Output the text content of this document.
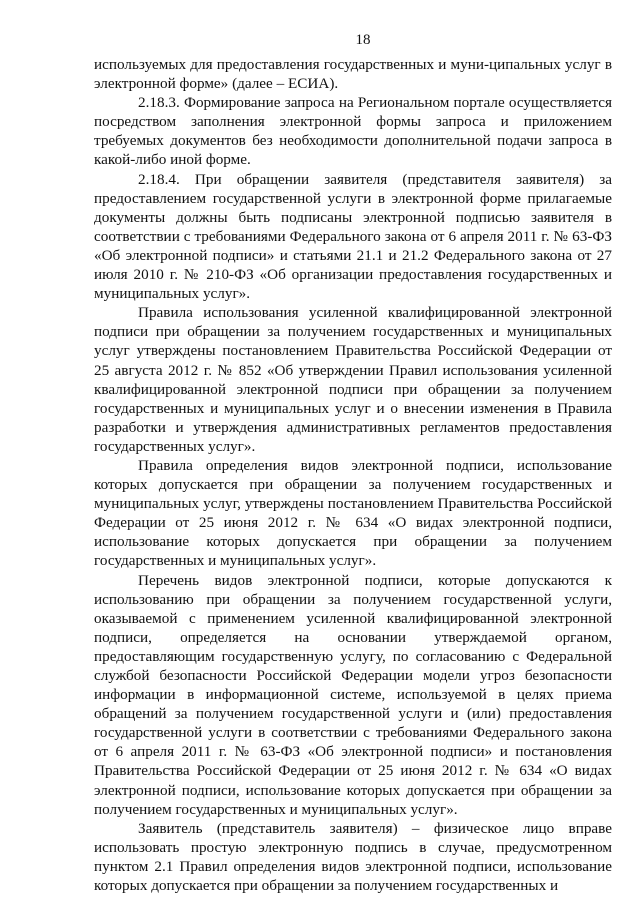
18

используемых для предоставления государственных и муни-ципальных услуг в электронной форме» (далее – ЕСИА).

2.18.3. Формирование запроса на Региональном портале осуществляется посредством заполнения электронной формы запроса и приложением требуемых документов без необходимости дополнительной подачи запроса в какой-либо иной форме.

2.18.4. При обращении заявителя (представителя заявителя) за предоставлением государственной услуги в электронной форме прилагаемые документы должны быть подписаны электронной подписью заявителя в соответствии с требованиями Федерального закона от 6 апреля 2011 г. № 63-ФЗ «Об электронной подписи» и статьями 21.1 и 21.2 Федерального закона от 27 июля 2010 г. № 210-ФЗ «Об организации предоставления государственных и муниципальных услуг».

Правила использования усиленной квалифицированной электронной подписи при обращении за получением государственных и муниципальных услуг утверждены постановлением Правительства Российской Федерации от 25 августа 2012 г. № 852 «Об утверждении Правил использования усиленной квалифицированной электронной подписи при обращении за получением государственных и муниципальных услуг и о внесении изменения в Правила разработки и утверждения административных регламентов предоставления государственных услуг».

Правила определения видов электронной подписи, использование которых допускается при обращении за получением государственных и муниципальных услуг, утверждены постановлением Правительства Российской Федерации от 25 июня 2012 г. № 634 «О видах электронной подписи, использование которых допускается при обращении за получением государственных и муниципальных услуг».

Перечень видов электронной подписи, которые допускаются к использованию при обращении за получением государственной услуги, оказываемой с применением усиленной квалифицированной электронной подписи, определяется на основании утверждаемой органом, предоставляющим государственную услугу, по согласованию с Федеральной службой безопасности Российской Федерации модели угроз безопасности информации в информационной системе, используемой в целях приема обращений за получением государственной услуги и (или) предоставления государственной услуги в соответствии с требованиями Федерального закона от 6 апреля 2011 г. № 63-ФЗ «Об электронной подписи» и постановления Правительства Российской Федерации от 25 июня 2012 г. № 634 «О видах электронной подписи, использование которых допускается при обращении за получением государственных и муниципальных услуг».

Заявитель (представитель заявителя) – физическое лицо вправе использовать простую электронную подпись в случае, предусмотренном пунктом 2.1 Правил определения видов электронной подписи, использование которых допускается при обращении за получением государственных и
